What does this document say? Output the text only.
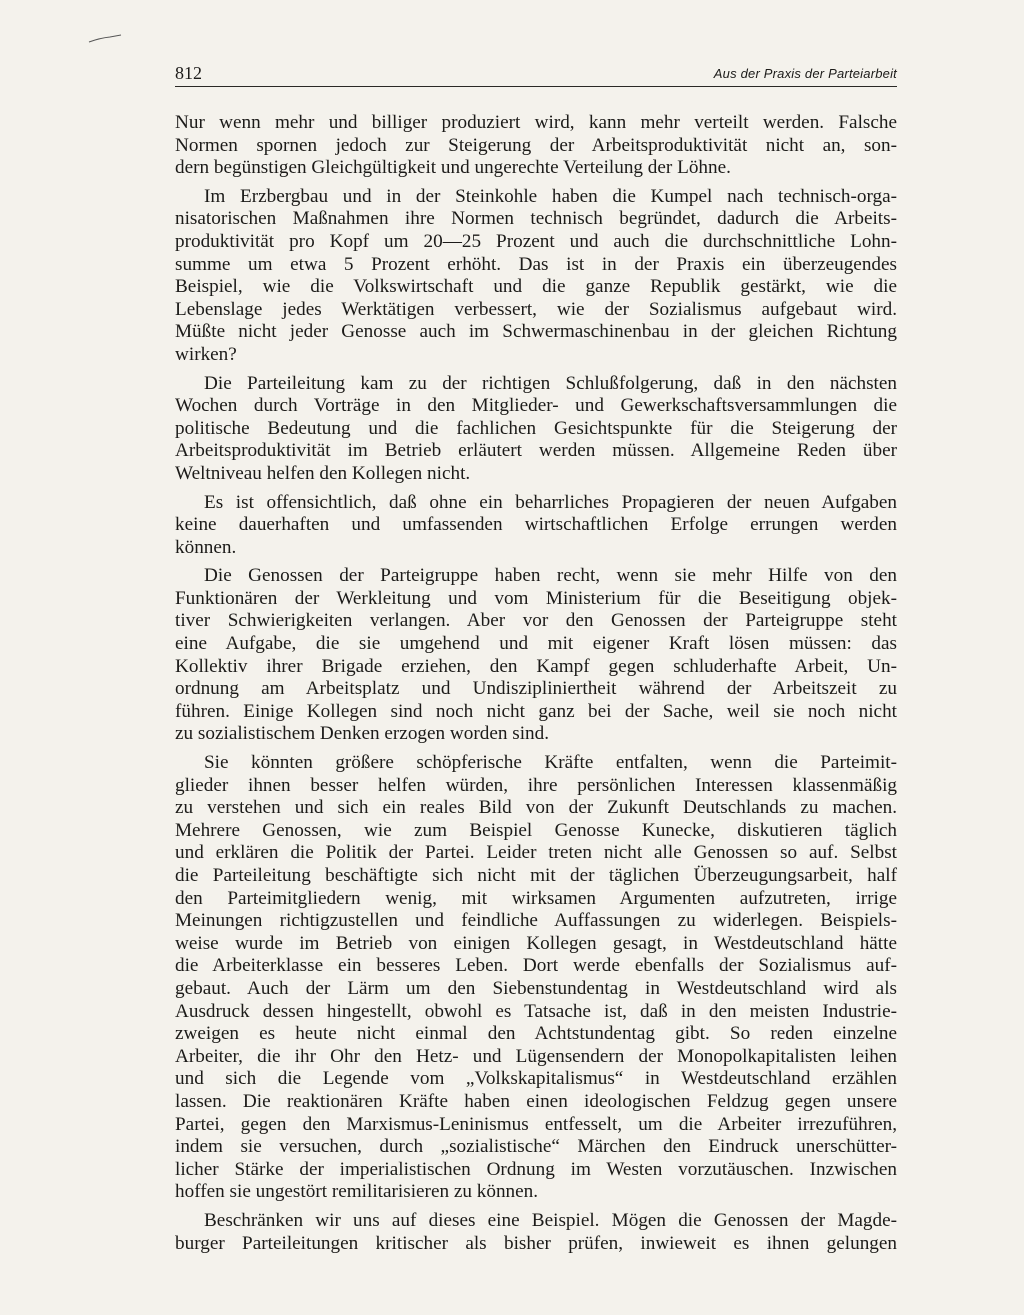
812	Aus der Praxis der Parteiarbeit
Nur wenn mehr und billiger produziert wird, kann mehr verteilt werden. Falsche
Normen spornen jedoch zur Steigerung der Arbeitsproduktivität nicht an, son-
dern begünstigen Gleichgültigkeit und ungerechte Verteilung der Löhne.
Im Erzbergbau und in der Steinkohle haben die Kumpel nach technisch-orga-
nisatorischen Maßnahmen ihre Normen technisch begründet, dadurch die Arbeits-
produktivität pro Kopf um 20—25 Prozent und auch die durchschnittliche Lohn-
summe um etwa 5 Prozent erhöht. Das ist in der Praxis ein überzeugendes
Beispiel, wie die Volkswirtschaft und die ganze Republik gestärkt, wie die
Lebenslage jedes Werktätigen verbessert, wie der Sozialismus aufgebaut wird.
Müßte nicht jeder Genosse auch im Schwermaschinenbau in der gleichen Richtung
wirken?
Die Parteileitung kam zu der richtigen Schlußfolgerung, daß in den nächsten
Wochen durch Vorträge in den Mitglieder- und Gewerkschaftsversammlungen die
politische Bedeutung und die fachlichen Gesichtspunkte für die Steigerung der
Arbeitsproduktivität im Betrieb erläutert werden müssen. Allgemeine Reden über
Weltniveau helfen den Kollegen nicht.
Es ist offensichtlich, daß ohne ein beharrliches Propagieren der neuen Aufgaben
keine dauerhaften und umfassenden wirtschaftlichen Erfolge errungen werden
können.
Die Genossen der Parteigruppe haben recht, wenn sie mehr Hilfe von den
Funktionären der Werkleitung und vom Ministerium für die Beseitigung objek-
tiver Schwierigkeiten verlangen. Aber vor den Genossen der Parteigruppe steht
eine Aufgabe, die sie umgehend und mit eigener Kraft lösen müssen: das
Kollektiv ihrer Brigade erziehen, den Kampf gegen schluderhafte Arbeit, Un-
ordnung am Arbeitsplatz und Undiszipliniertheit während der Arbeitszeit zu
führen. Einige Kollegen sind noch nicht ganz bei der Sache, weil sie noch nicht
zu sozialistischem Denken erzogen worden sind.
Sie könnten größere schöpferische Kräfte entfalten, wenn die Parteimit-
glieder ihnen besser helfen würden, ihre persönlichen Interessen klassenmäßig
zu verstehen und sich ein reales Bild von der Zukunft Deutschlands zu machen.
Mehrere Genossen, wie zum Beispiel Genosse Kunecke, diskutieren täglich
und erklären die Politik der Partei. Leider treten nicht alle Genossen so auf. Selbst
die Parteileitung beschäftigte sich nicht mit der täglichen Überzeugungsarbeit, half
den Parteimitgliedern wenig, mit wirksamen Argumenten aufzutreten, irrige
Meinungen richtigzustellen und feindliche Auffassungen zu widerlegen. Beispiels-
weise wurde im Betrieb von einigen Kollegen gesagt, in Westdeutschland hätte
die Arbeiterklasse ein besseres Leben. Dort werde ebenfalls der Sozialismus auf-
gebaut. Auch der Lärm um den Siebenstundentag in Westdeutschland wird als
Ausdruck dessen hingestellt, obwohl es Tatsache ist, daß in den meisten Industrie-
zweigen es heute nicht einmal den Achtstundentag gibt. So reden einzelne
Arbeiter, die ihr Ohr den Hetz- und Lügensendern der Monopolkapitalisten leihen
und sich die Legende vom „Volkskapitalismus“ in Westdeutschland erzählen
lassen. Die reaktionären Kräfte haben einen ideologischen Feldzug gegen unsere
Partei, gegen den Marxismus-Leninismus entfesselt, um die Arbeiter irrezuführen,
indem sie versuchen, durch „sozialistische“ Märchen den Eindruck unerschütter-
licher Stärke der imperialistischen Ordnung im Westen vorzutäuschen. Inzwischen
hoffen sie ungestört remilitarisieren zu können.
Beschränken wir uns auf dieses eine Beispiel. Mögen die Genossen der Magde-
burger Parteileitungen kritischer als bisher prüfen, inwieweit es ihnen gelungen
